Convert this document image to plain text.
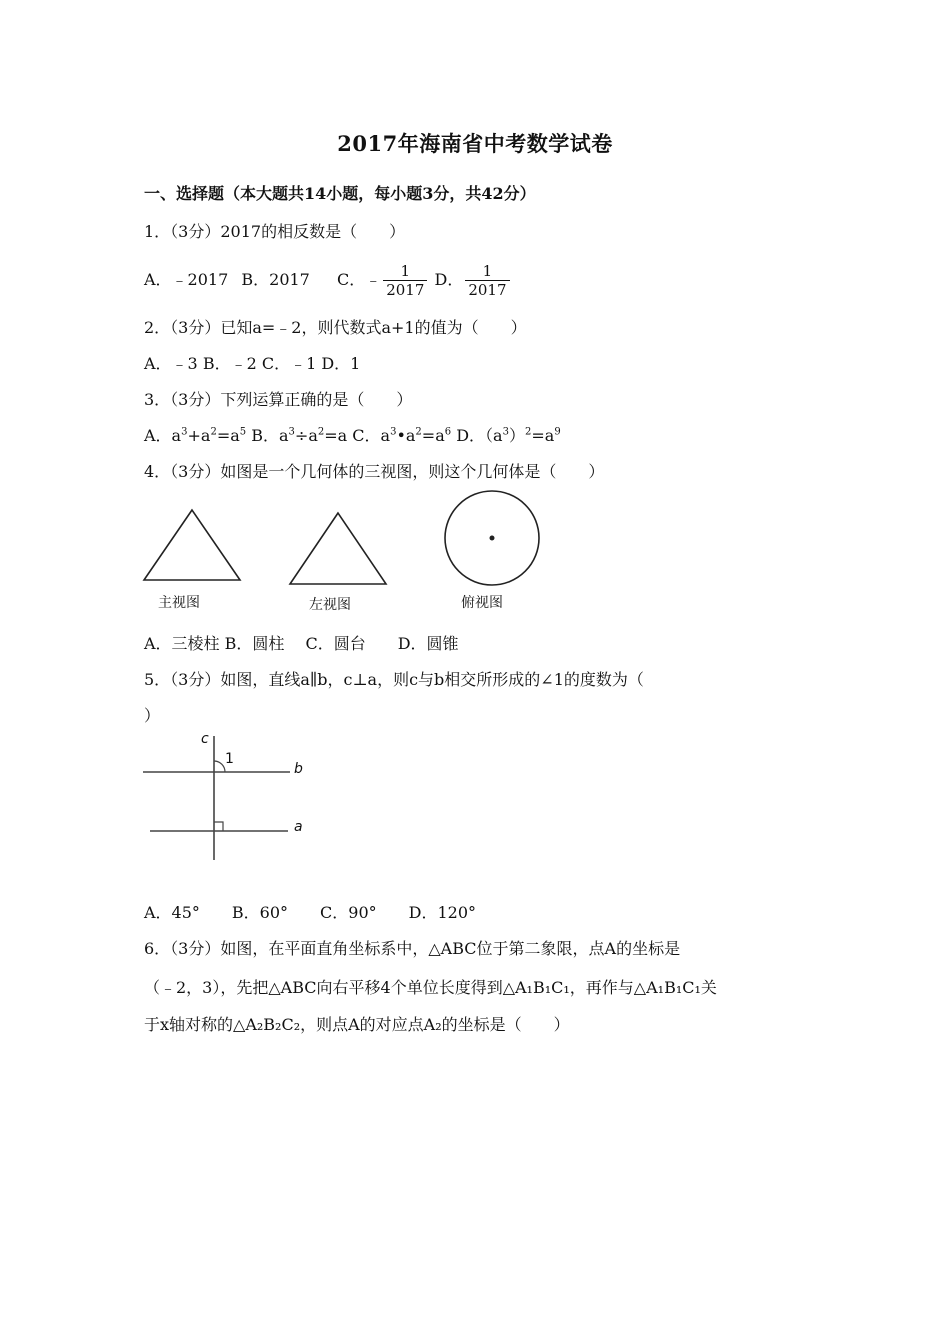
2017年海南省中考数学试卷
一、选择题（本大题共14小题，每小题3分，共42分）
1．（3分）2017的相反数是（　　）
A．﹣2017 B．2017 C．﹣ $\frac{1}{2017}$ D． $\frac{1}{2017}$
2．（3分）已知a=﹣2，则代数式a+1的值为（　　）
A．﹣3 B．﹣2 C．﹣1 D．1
3．（3分）下列运算正确的是（　　）
A．$a^3+a^2=a^5$ B．$a^3\div a^2=a$ C．$a^3•a^2=a^6$ D．$(a^3)^2=a^9$
4．（3分）如图是一个几何体的三视图，则这个几何体是（　　）
主视图	左视图	俯视图
A．三棱柱 B．圆柱　 C．圆台　　D．圆锥
5．（3分）如图，直线a∥b，c⊥a，则c与b相交所形成的∠1的度数为（
）
c
1
b
a
A．45°　　B．60°　　C．90°　　D．120°
6．（3分）如图，在平面直角坐标系中，△ABC位于第二象限，点A的坐标是
（﹣2，3），先把△ABC向右平移4个单位长度得到△A₁B₁C₁，再作与△A₁B₁C₁关
于x轴对称的△A₂B₂C₂，则点A的对应点A₂的坐标是（　　）
